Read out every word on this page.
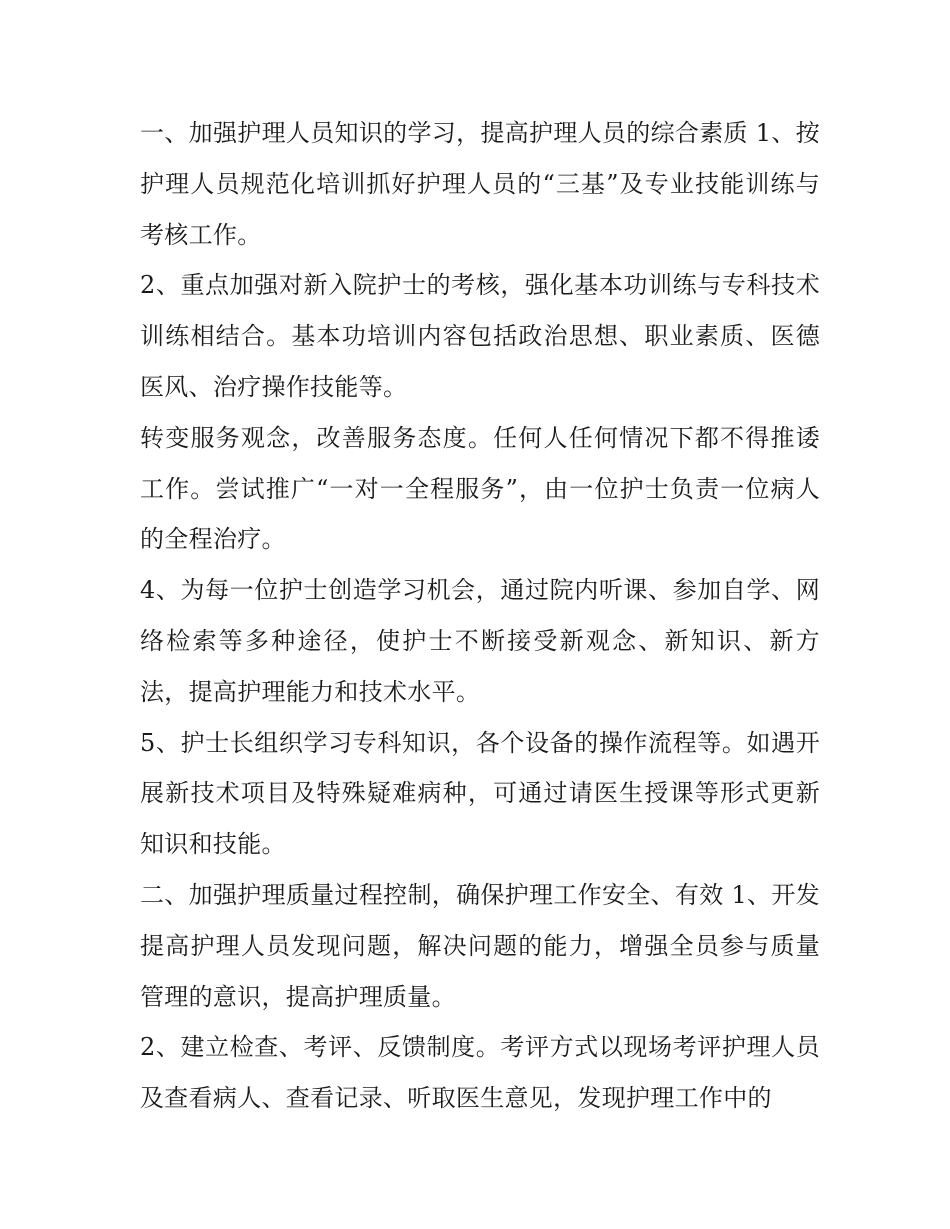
一、加强护理人员知识的学习，提高护理人员的综合素质 1、按护理人员规范化培训抓好护理人员的“三基”及专业技能训练与考核工作。

2、重点加强对新入院护士的考核，强化基本功训练与专科技术训练相结合。基本功培训内容包括政治思想、职业素质、医德医风、治疗操作技能等。

转变服务观念，改善服务态度。任何人任何情况下都不得推诿工作。尝试推广“一对一全程服务”，由一位护士负责一位病人的全程治疗。

4、为每一位护士创造学习机会，通过院内听课、参加自学、网络检索等多种途径，使护士不断接受新观念、新知识、新方法，提高护理能力和技术水平。

5、护士长组织学习专科知识，各个设备的操作流程等。如遇开展新技术项目及特殊疑难病种，可通过请医生授课等形式更新知识和技能。

二、加强护理质量过程控制，确保护理工作安全、有效 1、开发提高护理人员发现问题，解决问题的能力，增强全员参与质量管理的意识，提高护理质量。

2、建立检查、考评、反馈制度。考评方式以现场考评护理人员及查看病人、查看记录、听取医生意见，发现护理工作中的
